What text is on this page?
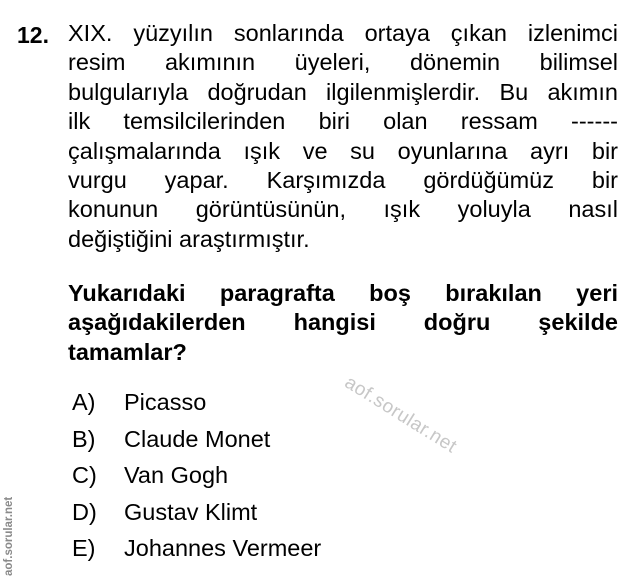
12. XIX. yüzyılın sonlarında ortaya çıkan izlenimci
resim akımının üyeleri, dönemin bilimsel
bulgularıyla doğrudan ilgilenmişlerdir. Bu akımın
ilk temsilcilerinden biri olan ressam ------
çalışmalarında ışık ve su oyunlarına ayrı bir
vurgu yapar. Karşımızda gördüğümüz bir
konunun görüntüsünün, ışık yoluyla nasıl
değiştiğini araştırmıştır.
Yukarıdaki paragrafta boş bırakılan yeri
aşağıdakilerden hangisi doğru şekilde
tamamlar?
A)	Picasso
B)	Claude Monet
C)	Van Gogh
D)	Gustav Klimt
E)	Johannes Vermeer
aof.sorular.net
aof.sorular.net
